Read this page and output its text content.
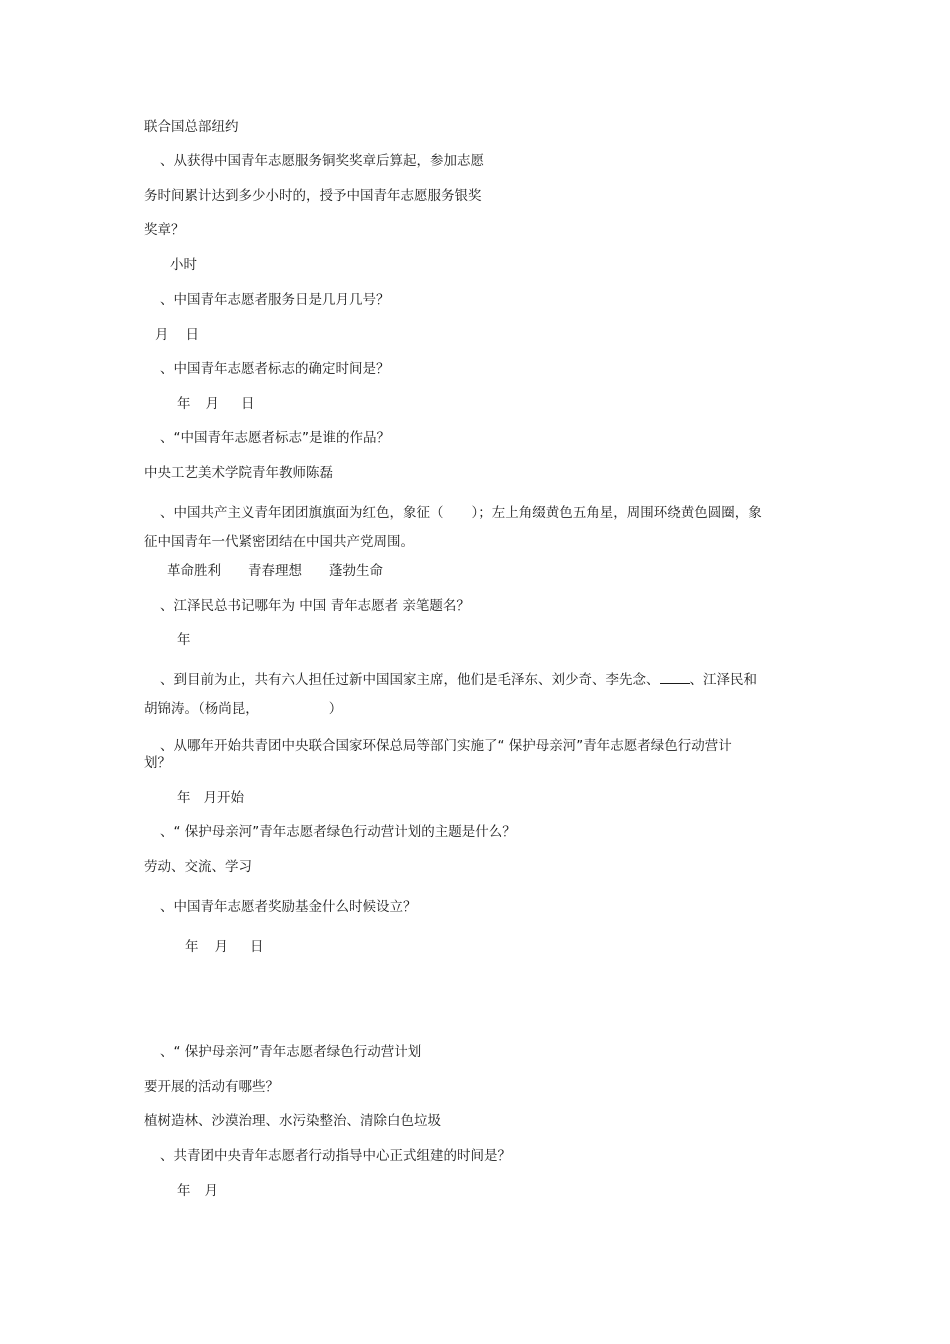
联合国总部纽约
、从获得中国青年志愿服务铜奖奖章后算起，参加志愿
务时间累计达到多少小时的，授予中国青年志愿服务银奖
奖章？
小时
、中国青年志愿者服务日是几月几号？
月 日
、中国青年志愿者标志的确定时间是？
年 月 日
、“中国青年志愿者标志”是谁的作品？
中央工艺美术学院青年教师陈磊
、中国共产主义青年团团旗旗面为红色，象征（ ）；左上角缀黄色五角星，周围环绕黄色圆圈，象
征中国青年一代紧密团结在中国共产党周围。
革命胜利 青春理想 蓬勃生命
、江泽民总书记哪年为 中国 青年志愿者 亲笔题名？
年
、到目前为止，共有六人担任过新中国国家主席，他们是毛泽东、刘少奇、李先念、 、江泽民和
胡锦涛。（杨尚昆，	）
、从哪年开始共青团中央联合国家环保总局等部门实施了“ 保护母亲河”青年志愿者绿色行动营计
划？
年 月开始
、“ 保护母亲河”青年志愿者绿色行动营计划的主题是什么？
劳动、交流、学习
、中国青年志愿者奖励基金什么时候设立？
年 月 日
、“ 保护母亲河”青年志愿者绿色行动营计划
要开展的活动有哪些？
植树造林、沙漠治理、水污染整治、清除白色垃圾
、共青团中央青年志愿者行动指导中心正式组建的时间是？
年 月
